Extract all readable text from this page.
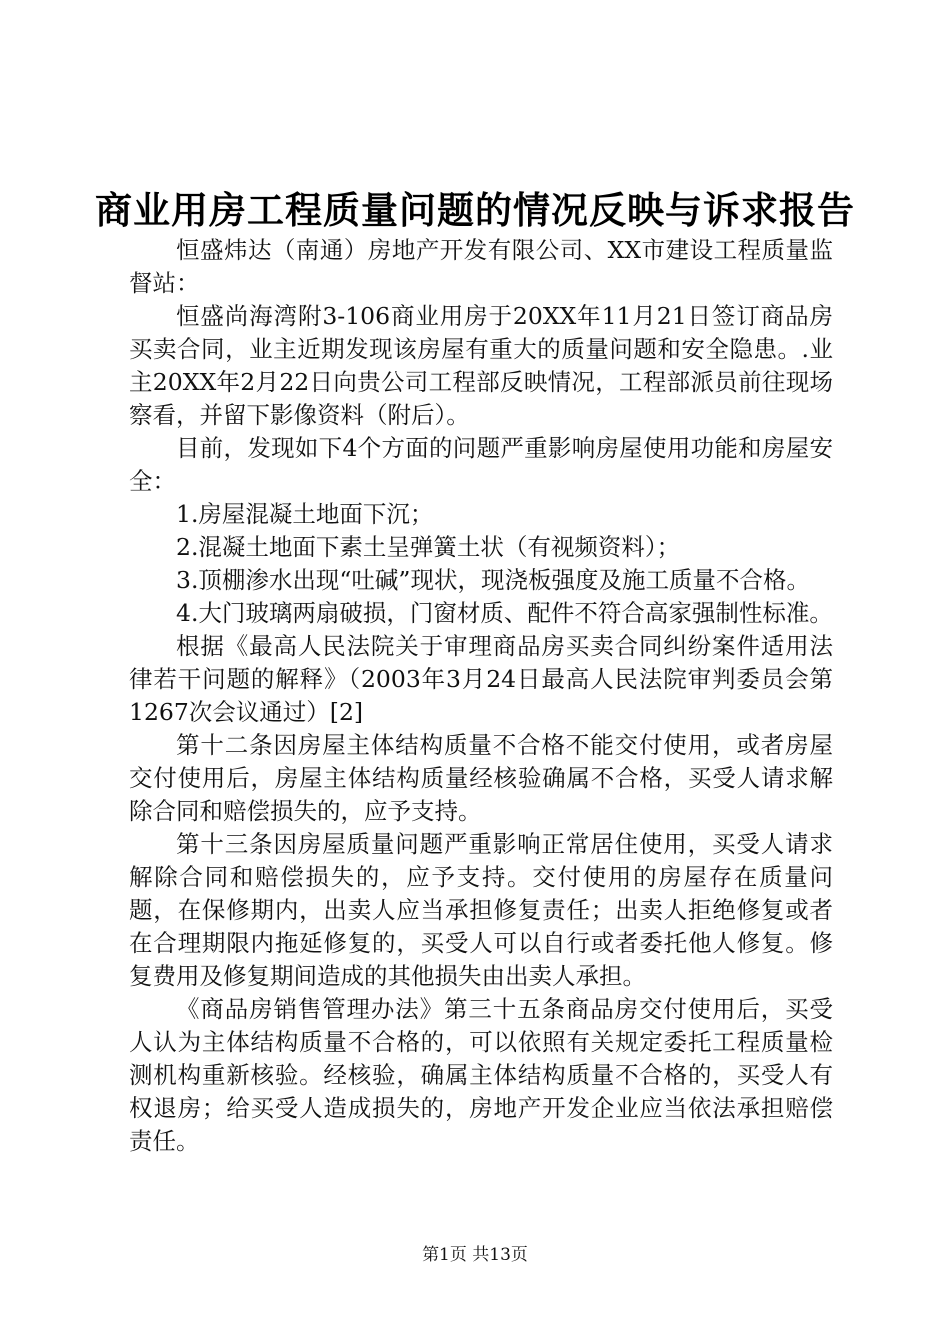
商业用房工程质量问题的情况反映与诉求报告

恒盛炜达（南通）房地产开发有限公司、XX市建设工程质量监督站：

恒盛尚海湾附3-106商业用房于20XX年11月21日签订商品房买卖合同，业主近期发现该房屋有重大的质量问题和安全隐患。.业主20XX年2月22日向贵公司工程部反映情况，工程部派员前往现场察看，并留下影像资料（附后）。

目前，发现如下4个方面的问题严重影响房屋使用功能和房屋安全：

1.房屋混凝土地面下沉；

2.混凝土地面下素土呈弹簧土状（有视频资料）；

3.顶棚渗水出现“吐碱”现状，现浇板强度及施工质量不合格。

4.大门玻璃两扇破损，门窗材质、配件不符合高家强制性标准。

根据《最高人民法院关于审理商品房买卖合同纠纷案件适用法律若干问题的解释》（2003年3月24日最高人民法院审判委员会第1267次会议通过）[2]

第十二条因房屋主体结构质量不合格不能交付使用，或者房屋交付使用后，房屋主体结构质量经核验确属不合格，买受人请求解除合同和赔偿损失的，应予支持。

第十三条因房屋质量问题严重影响正常居住使用，买受人请求解除合同和赔偿损失的，应予支持。交付使用的房屋存在质量问题，在保修期内，出卖人应当承担修复责任；出卖人拒绝修复或者在合理期限内拖延修复的，买受人可以自行或者委托他人修复。修复费用及修复期间造成的其他损失由出卖人承担。

《商品房销售管理办法》第三十五条商品房交付使用后，买受人认为主体结构质量不合格的，可以依照有关规定委托工程质量检测机构重新核验。经核验，确属主体结构质量不合格的，买受人有权退房；给买受人造成损失的，房地产开发企业应当依法承担赔偿责任。

第1页 共13页
